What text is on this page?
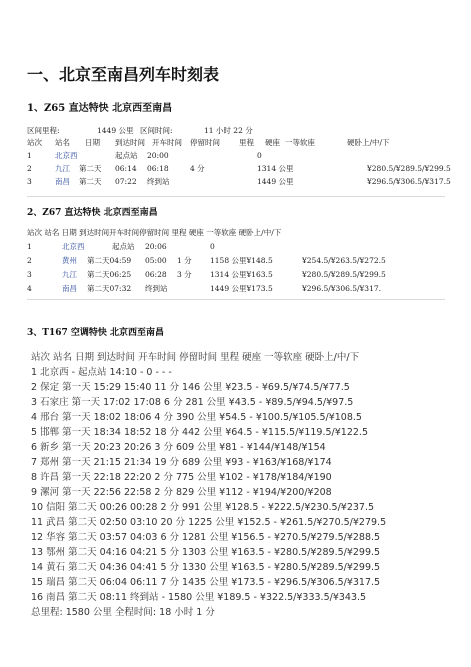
一、北京至南昌列车时刻表
1、Z65 直达特快 北京西至南昌
区间里程:	1449 公里 区间时间:	11 小时 22 分
站次 站名 日期 到达时间 开车时间 停留时间	里程 硬座 一等软座	硬卧上/中/下
1	北京西	起点站 20:00	0
2	九江 第二天 06:14 06:18	4 分	1314 公里	¥280.5/¥289.5/¥299.5
3	南昌 第二天 07:22 终到站	1449 公里	¥296.5/¥306.5/¥317.5
2、Z67 直达特快 北京西至南昌
站次 站名 日期 到达时间开车时间停留时间 里程 硬座 一等软座 硬卧上/中/下
1	北京西	起点站 20:06	0
2	黄州 第二天04:59 05:00 1 分 1158 公里¥148.5	¥254.5/¥263.5/¥272.5
3	九江 第二天06:25 06:28 3 分 1314 公里¥163.5	¥280.5/¥289.5/¥299.5
4	南昌 第二天07:32 终到站	1449 公里¥173.5	¥296.5/¥306.5/¥317.
3、T167 空调特快 北京西至南昌
站次 站名 日期 到达时间 开车时间 停留时间 里程 硬座 一等软座 硬卧上/中/下
1 北京西 - 起点站 14:10 - 0 - - -
2 保定 第一天 15:29 15:40 11 分 146 公里 ¥23.5 - ¥69.5/¥74.5/¥77.5
3 石家庄 第一天 17:02 17:08 6 分 281 公里 ¥43.5 - ¥89.5/¥94.5/¥97.5
4 邢台 第一天 18:02 18:06 4 分 390 公里 ¥54.5 - ¥100.5/¥105.5/¥108.5
5 邯郸 第一天 18:34 18:52 18 分 442 公里 ¥64.5 - ¥115.5/¥119.5/¥122.5
6 新乡 第一天 20:23 20:26 3 分 609 公里 ¥81 - ¥144/¥148/¥154
7 郑州 第一天 21:15 21:34 19 分 689 公里 ¥93 - ¥163/¥168/¥174
8 许昌 第一天 22:18 22:20 2 分 775 公里 ¥102 - ¥178/¥184/¥190
9 漯河 第一天 22:56 22:58 2 分 829 公里 ¥112 - ¥194/¥200/¥208
10 信阳 第二天 00:26 00:28 2 分 991 公里 ¥128.5 - ¥222.5/¥230.5/¥237.5
11 武昌 第二天 02:50 03:10 20 分 1225 公里 ¥152.5 - ¥261.5/¥270.5/¥279.5
12 华容 第二天 03:57 04:03 6 分 1281 公里 ¥156.5 - ¥270.5/¥279.5/¥288.5
13 鄂州 第二天 04:16 04:21 5 分 1303 公里 ¥163.5 - ¥280.5/¥289.5/¥299.5
14 黄石 第二天 04:36 04:41 5 分 1330 公里 ¥163.5 - ¥280.5/¥289.5/¥299.5
15 瑞昌 第二天 06:04 06:11 7 分 1435 公里 ¥173.5 - ¥296.5/¥306.5/¥317.5
16 南昌 第二天 08:11 终到站 - 1580 公里 ¥189.5 - ¥322.5/¥333.5/¥343.5
总里程: 1580 公里 全程时间: 18 小时 1 分
